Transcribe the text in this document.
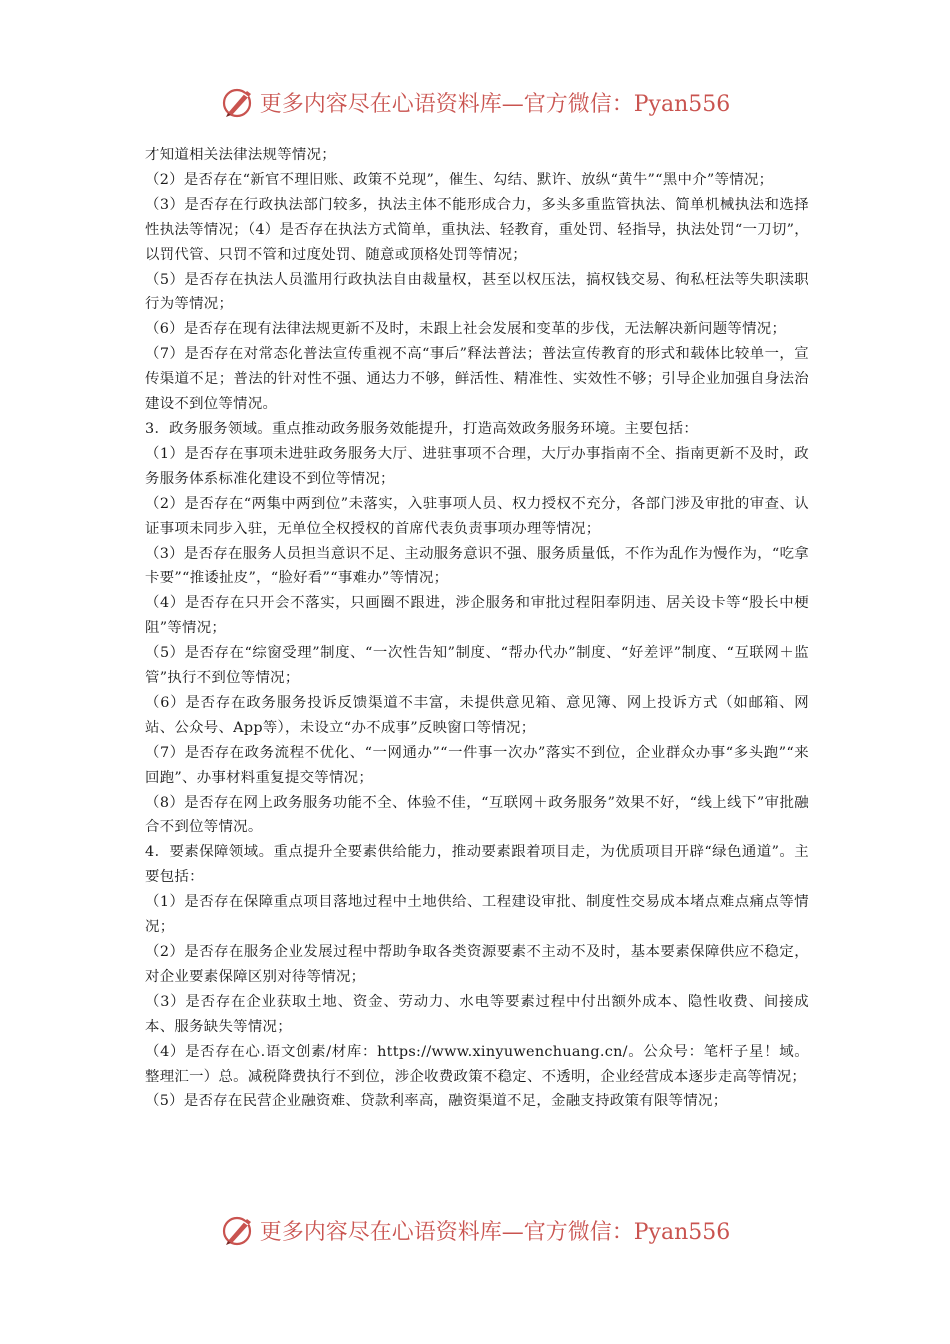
更多内容尽在心语资料库—官方微信：Pyan556

才知道相关法律法规等情况；

（2）是否存在“新官不理旧账、政策不兑现”，催生、勾结、默许、放纵“黄牛”“黑中介”等情况；

（3）是否存在行政执法部门较多，执法主体不能形成合力，多头多重监管执法、简单机械执法和选择性执法等情况；（4）是否存在执法方式简单，重执法、轻教育，重处罚、轻指导，执法处罚“一刀切”，以罚代管、只罚不管和过度处罚、随意或顶格处罚等情况；

（5）是否存在执法人员滥用行政执法自由裁量权，甚至以权压法，搞权钱交易、徇私枉法等失职渎职行为等情况；

（6）是否存在现有法律法规更新不及时，未跟上社会发展和变革的步伐，无法解决新问题等情况；

（7）是否存在对常态化普法宣传重视不高“事后”释法普法；普法宣传教育的形式和载体比较单一，宣传渠道不足；普法的针对性不强、通达力不够，鲜活性、精准性、实效性不够；引导企业加强自身法治建设不到位等情况。

3．政务服务领域。重点推动政务服务效能提升，打造高效政务服务环境。主要包括：

（1）是否存在事项未进驻政务服务大厅、进驻事项不合理，大厅办事指南不全、指南更新不及时，政务服务体系标准化建设不到位等情况；

（2）是否存在“两集中两到位”未落实，入驻事项人员、权力授权不充分，各部门涉及审批的审查、认证事项未同步入驻，无单位全权授权的首席代表负责事项办理等情况；

（3）是否存在服务人员担当意识不足、主动服务意识不强、服务质量低，不作为乱作为慢作为，“吃拿卡要”“推诿扯皮”，“脸好看”“事难办”等情况；

（4）是否存在只开会不落实，只画圈不跟进，涉企服务和审批过程阳奉阴违、居关设卡等“股长中梗阻”等情况；

（5）是否存在“综窗受理”制度、“一次性告知”制度、“帮办代办”制度、“好差评”制度、“互联网＋监管”执行不到位等情况；

（6）是否存在政务服务投诉反馈渠道不丰富，未提供意见箱、意见簿、网上投诉方式（如邮箱、网站、公众号、App等），未设立“办不成事”反映窗口等情况；

（7）是否存在政务流程不优化、“一网通办”“一件事一次办”落实不到位，企业群众办事“多头跑”“来回跑”、办事材料重复提交等情况；

（8）是否存在网上政务服务功能不全、体验不佳，“互联网＋政务服务”效果不好，“线上线下”审批融合不到位等情况。

4．要素保障领域。重点提升全要素供给能力，推动要素跟着项目走，为优质项目开辟“绿色通道”。主要包括：

（1）是否存在保障重点项目落地过程中土地供给、工程建设审批、制度性交易成本堵点难点痛点等情况；

（2）是否存在服务企业发展过程中帮助争取各类资源要素不主动不及时，基本要素保障供应不稳定，对企业要素保障区别对待等情况；

（3）是否存在企业获取土地、资金、劳动力、水电等要素过程中付出额外成本、隐性收费、间接成本、服务缺失等情况；

（4）是否存在心.语文创素/材库：https://www.xinyuwenchuang.cn/。公众号：笔杆子星！域。整理汇一）总。减税降费执行不到位，涉企收费政策不稳定、不透明，企业经营成本逐步走高等情况；

（5）是否存在民营企业融资难、贷款利率高，融资渠道不足，金融支持政策有限等情况；

更多内容尽在心语资料库—官方微信：Pyan556
